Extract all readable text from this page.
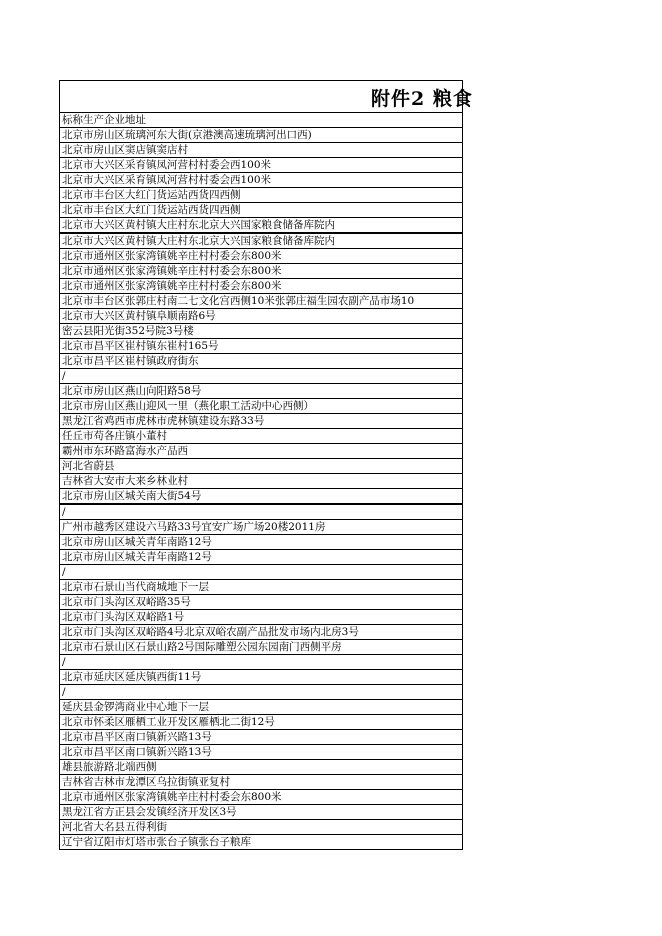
附件2 粮食
标称生产企业地址
北京市房山区琉璃河东大街(京港澳高速琉璃河出口西)
北京市房山区窦店镇窦店村
北京市大兴区采育镇凤河营村村委会西100米
北京市大兴区采育镇凤河营村村委会西100米
北京市丰台区大红门货运站西货四西侧
北京市丰台区大红门货运站西货四西侧
北京市大兴区黄村镇大庄村东北京大兴国家粮食储备库院内
北京市大兴区黄村镇大庄村东北京大兴国家粮食储备库院内
北京市通州区张家湾镇姚辛庄村村委会东800米
北京市通州区张家湾镇姚辛庄村村委会东800米
北京市通州区张家湾镇姚辛庄村村委会东800米
北京市丰台区张郭庄村南二七文化宫西侧10米张郭庄福生园农副产品市场10
北京市大兴区黄村镇阜顺南路6号
密云县阳光街352号院3号楼
北京市昌平区崔村镇东崔村165号
北京市昌平区崔村镇政府街东
/
北京市房山区燕山向阳路58号
北京市房山区燕山迎风一里（燕化职工活动中心西侧）
黑龙江省鸡西市虎林市虎林镇建设东路33号
任丘市苟各庄镇小董村
霸州市东环路富海水产品西
河北省蔚县
吉林省大安市大来乡林业村
北京市房山区城关南大街54号
/
广州市越秀区建设六马路33号宜安广场广场20楼2011房
北京市房山区城关青年南路12号
北京市房山区城关青年南路12号
/
北京市石景山当代商城地下一层
北京市门头沟区双峪路35号
北京市门头沟区双峪路1号
北京市门头沟区双峪路4号北京双峪农副产品批发市场内北房3号
北京市石景山区石景山路2号国际雕塑公园东园南门西侧平房
/
北京市延庆区延庆镇西街11号
/
延庆县金锣湾商业中心地下一层
北京市怀柔区雁栖工业开发区雁栖北二街12号
北京市昌平区南口镇新兴路13号
北京市昌平区南口镇新兴路13号
雄县旅游路北端西侧
吉林省吉林市龙潭区乌拉街镇亚复村
北京市通州区张家湾镇姚辛庄村村委会东800米
黑龙江省方正县会发镇经济开发区3号
河北省大名县五得利街
辽宁省辽阳市灯塔市张台子镇张台子粮库
